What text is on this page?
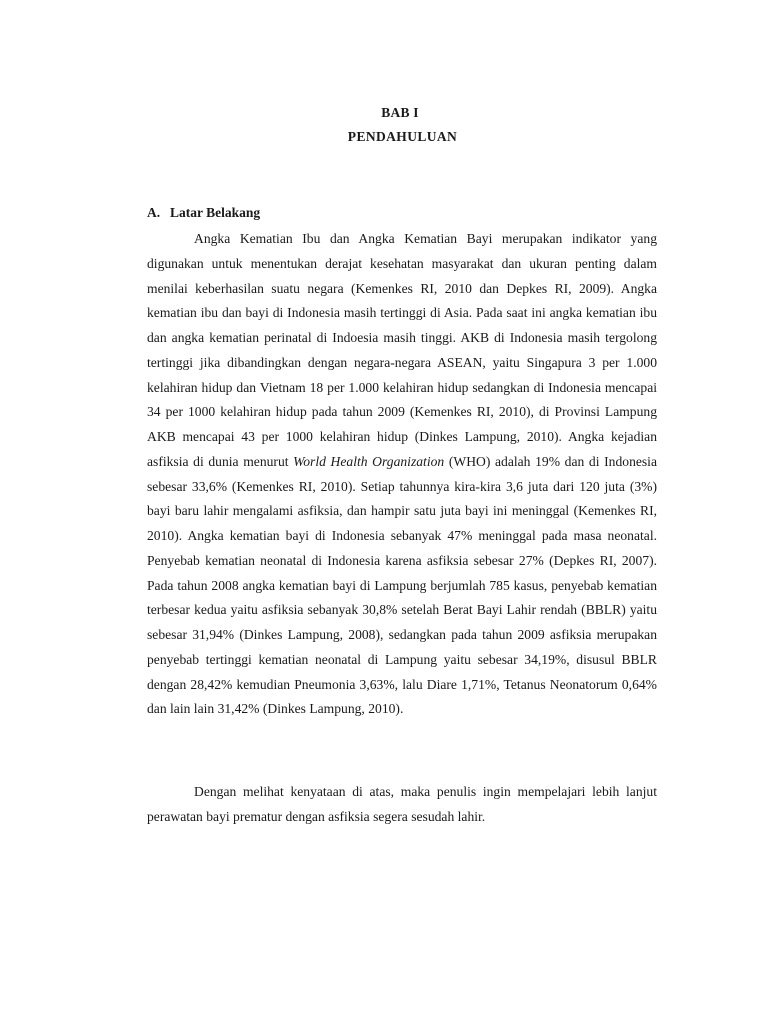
BAB I
PENDAHULUAN
A. Latar Belakang

Angka Kematian Ibu dan Angka Kematian Bayi merupakan indikator yang digunakan untuk menentukan derajat kesehatan masyarakat dan ukuran penting dalam menilai keberhasilan suatu negara (Kemenkes RI, 2010 dan Depkes RI, 2009). Angka kematian ibu dan bayi di Indonesia masih tertinggi di Asia. Pada saat ini angka kematian ibu dan angka kematian perinatal di Indoesia masih tinggi. AKB di Indonesia masih tergolong tertinggi jika dibandingkan dengan negara-negara ASEAN, yaitu Singapura 3 per 1.000 kelahiran hidup dan Vietnam 18 per 1.000 kelahiran hidup sedangkan di Indonesia mencapai 34 per 1000 kelahiran hidup pada tahun 2009 (Kemenkes RI, 2010), di Provinsi Lampung AKB mencapai 43 per 1000 kelahiran hidup (Dinkes Lampung, 2010). Angka kejadian asfiksia di dunia menurut World Health Organization (WHO) adalah 19% dan di Indonesia sebesar 33,6% (Kemenkes RI, 2010). Setiap tahunnya kira-kira 3,6 juta dari 120 juta (3%) bayi baru lahir mengalami asfiksia, dan hampir satu juta bayi ini meninggal (Kemenkes RI, 2010). Angka kematian bayi di Indonesia sebanyak 47% meninggal pada masa neonatal. Penyebab kematian neonatal di Indonesia karena asfiksia sebesar 27% (Depkes RI, 2007). Pada tahun 2008 angka kematian bayi di Lampung berjumlah 785 kasus, penyebab kematian terbesar kedua yaitu asfiksia sebanyak 30,8% setelah Berat Bayi Lahir rendah (BBLR) yaitu sebesar 31,94% (Dinkes Lampung, 2008), sedangkan pada tahun 2009 asfiksia merupakan penyebab tertinggi kematian neonatal di Lampung yaitu sebesar 34,19%, disusul BBLR dengan 28,42% kemudian Pneumonia 3,63%, lalu Diare 1,71%, Tetanus Neonatorum 0,64% dan lain lain 31,42% (Dinkes Lampung, 2010).

Dengan melihat kenyataan di atas, maka penulis ingin mempelajari lebih lanjut perawatan bayi prematur dengan asfiksia segera sesudah lahir.
